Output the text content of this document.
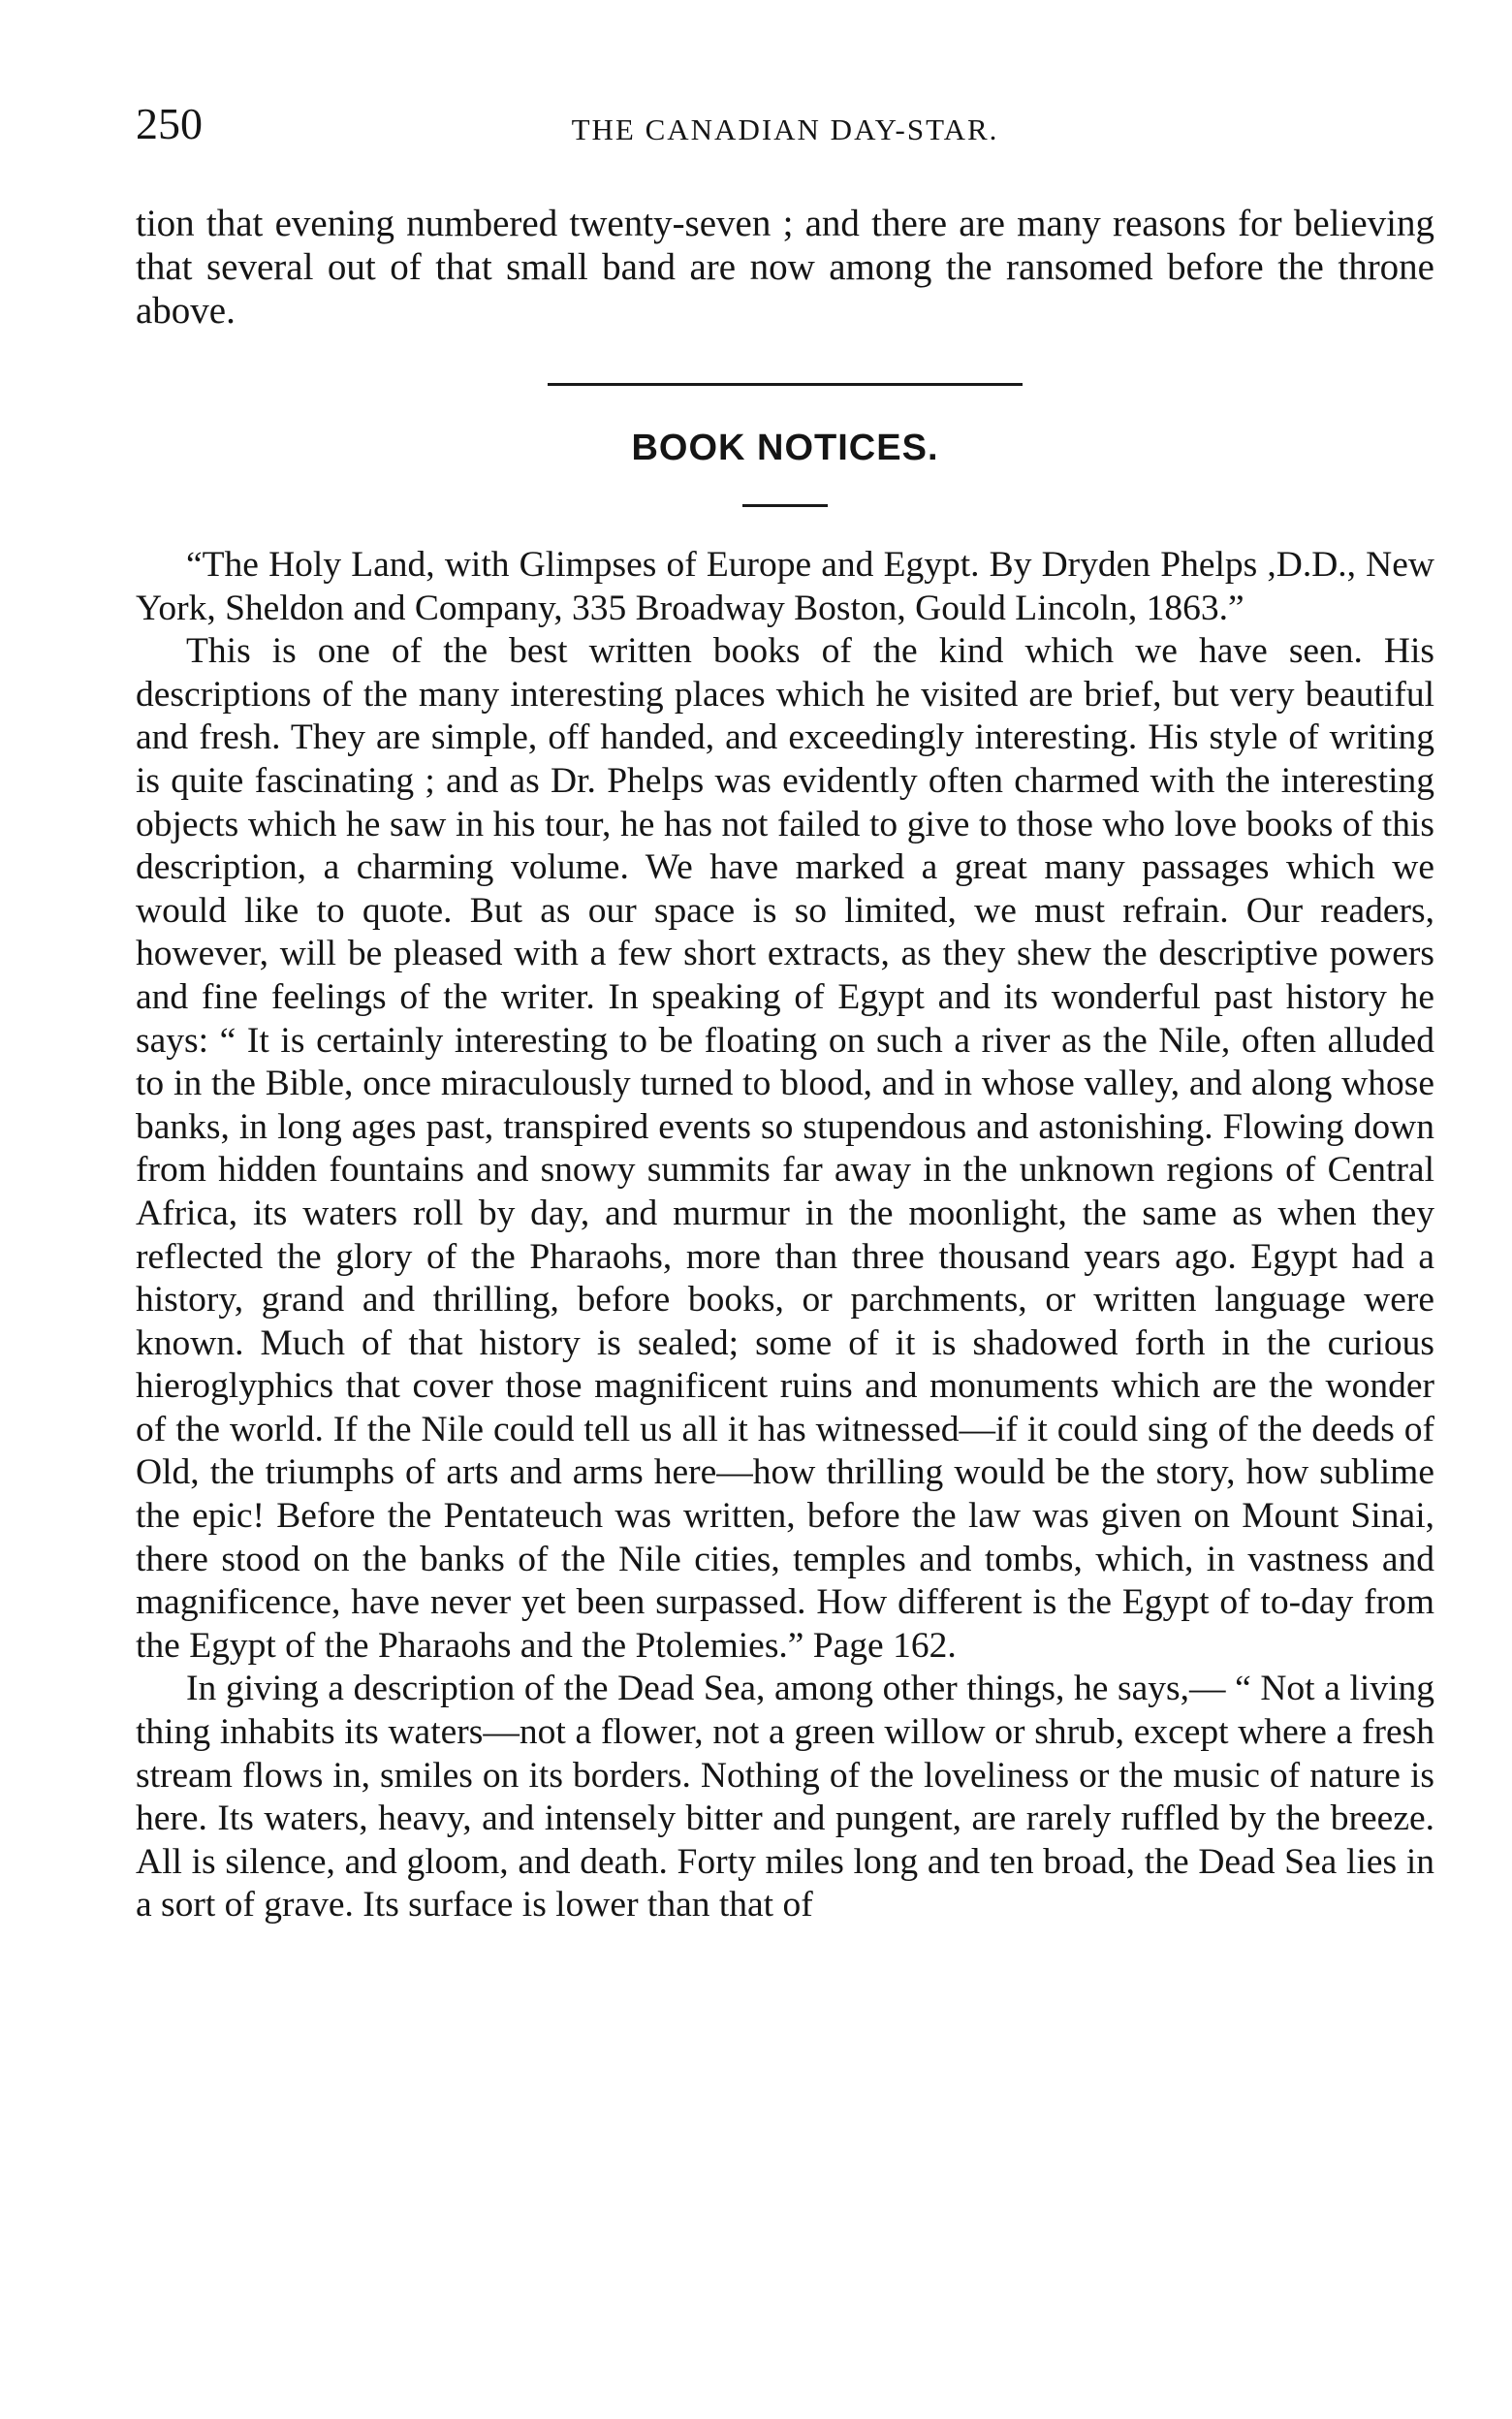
250	THE CANADIAN DAY-STAR.

tion that evening numbered twenty-seven ; and there are many reasons for believing that several out of that small band are now among the ransomed before the throne above.

BOOK NOTICES.

“The Holy Land, with Glimpses of Europe and Egypt. By Dryden Phelps ,D.D., New York, Sheldon and Company, 335 Broadway Boston, Gould Lincoln, 1863.”

This is one of the best written books of the kind which we have seen. His descriptions of the many interesting places which he visited are brief, but very beautiful and fresh. They are simple, off handed, and exceedingly interesting. His style of writing is quite fascinating ; and as Dr. Phelps was evidently often charmed with the interesting objects which he saw in his tour, he has not failed to give to those who love books of this description, a charming volume. We have marked a great many passages which we would like to quote. But as our space is so limited, we must refrain. Our readers, however, will be pleased with a few short extracts, as they shew the descriptive powers and fine feelings of the writer. In speaking of Egypt and its wonderful past history he says: “ It is certainly interesting to be floating on such a river as the Nile, often alluded to in the Bible, once miraculously turned to blood, and in whose valley, and along whose banks, in long ages past, transpired events so stupendous and astonishing. Flowing down from hidden fountains and snowy summits far away in the unknown regions of Central Africa, its waters roll by day, and murmur in the moonlight, the same as when they reflected the glory of the Pharaohs, more than three thousand years ago. Egypt had a history, grand and thrilling, before books, or parchments, or written language were known. Much of that history is sealed; some of it is shadowed forth in the curious hieroglyphics that cover those magnificent ruins and monuments which are the wonder of the world. If the Nile could tell us all it has witnessed—if it could sing of the deeds of Old, the triumphs of arts and arms here—how thrilling would be the story, how sublime the epic! Before the Pentateuch was written, before the law was given on Mount Sinai, there stood on the banks of the Nile cities, temples and tombs, which, in vastness and magnificence, have never yet been surpassed. How different is the Egypt of to-day from the Egypt of the Pharaohs and the Ptolemies.” Page 162.

In giving a description of the Dead Sea, among other things, he says,— “ Not a living thing inhabits its waters—not a flower, not a green willow or shrub, except where a fresh stream flows in, smiles on its borders. Nothing of the loveliness or the music of nature is here. Its waters, heavy, and intensely bitter and pungent, are rarely ruffled by the breeze. All is silence, and gloom, and death. Forty miles long and ten broad, the Dead Sea lies in a sort of grave. Its surface is lower than that of
